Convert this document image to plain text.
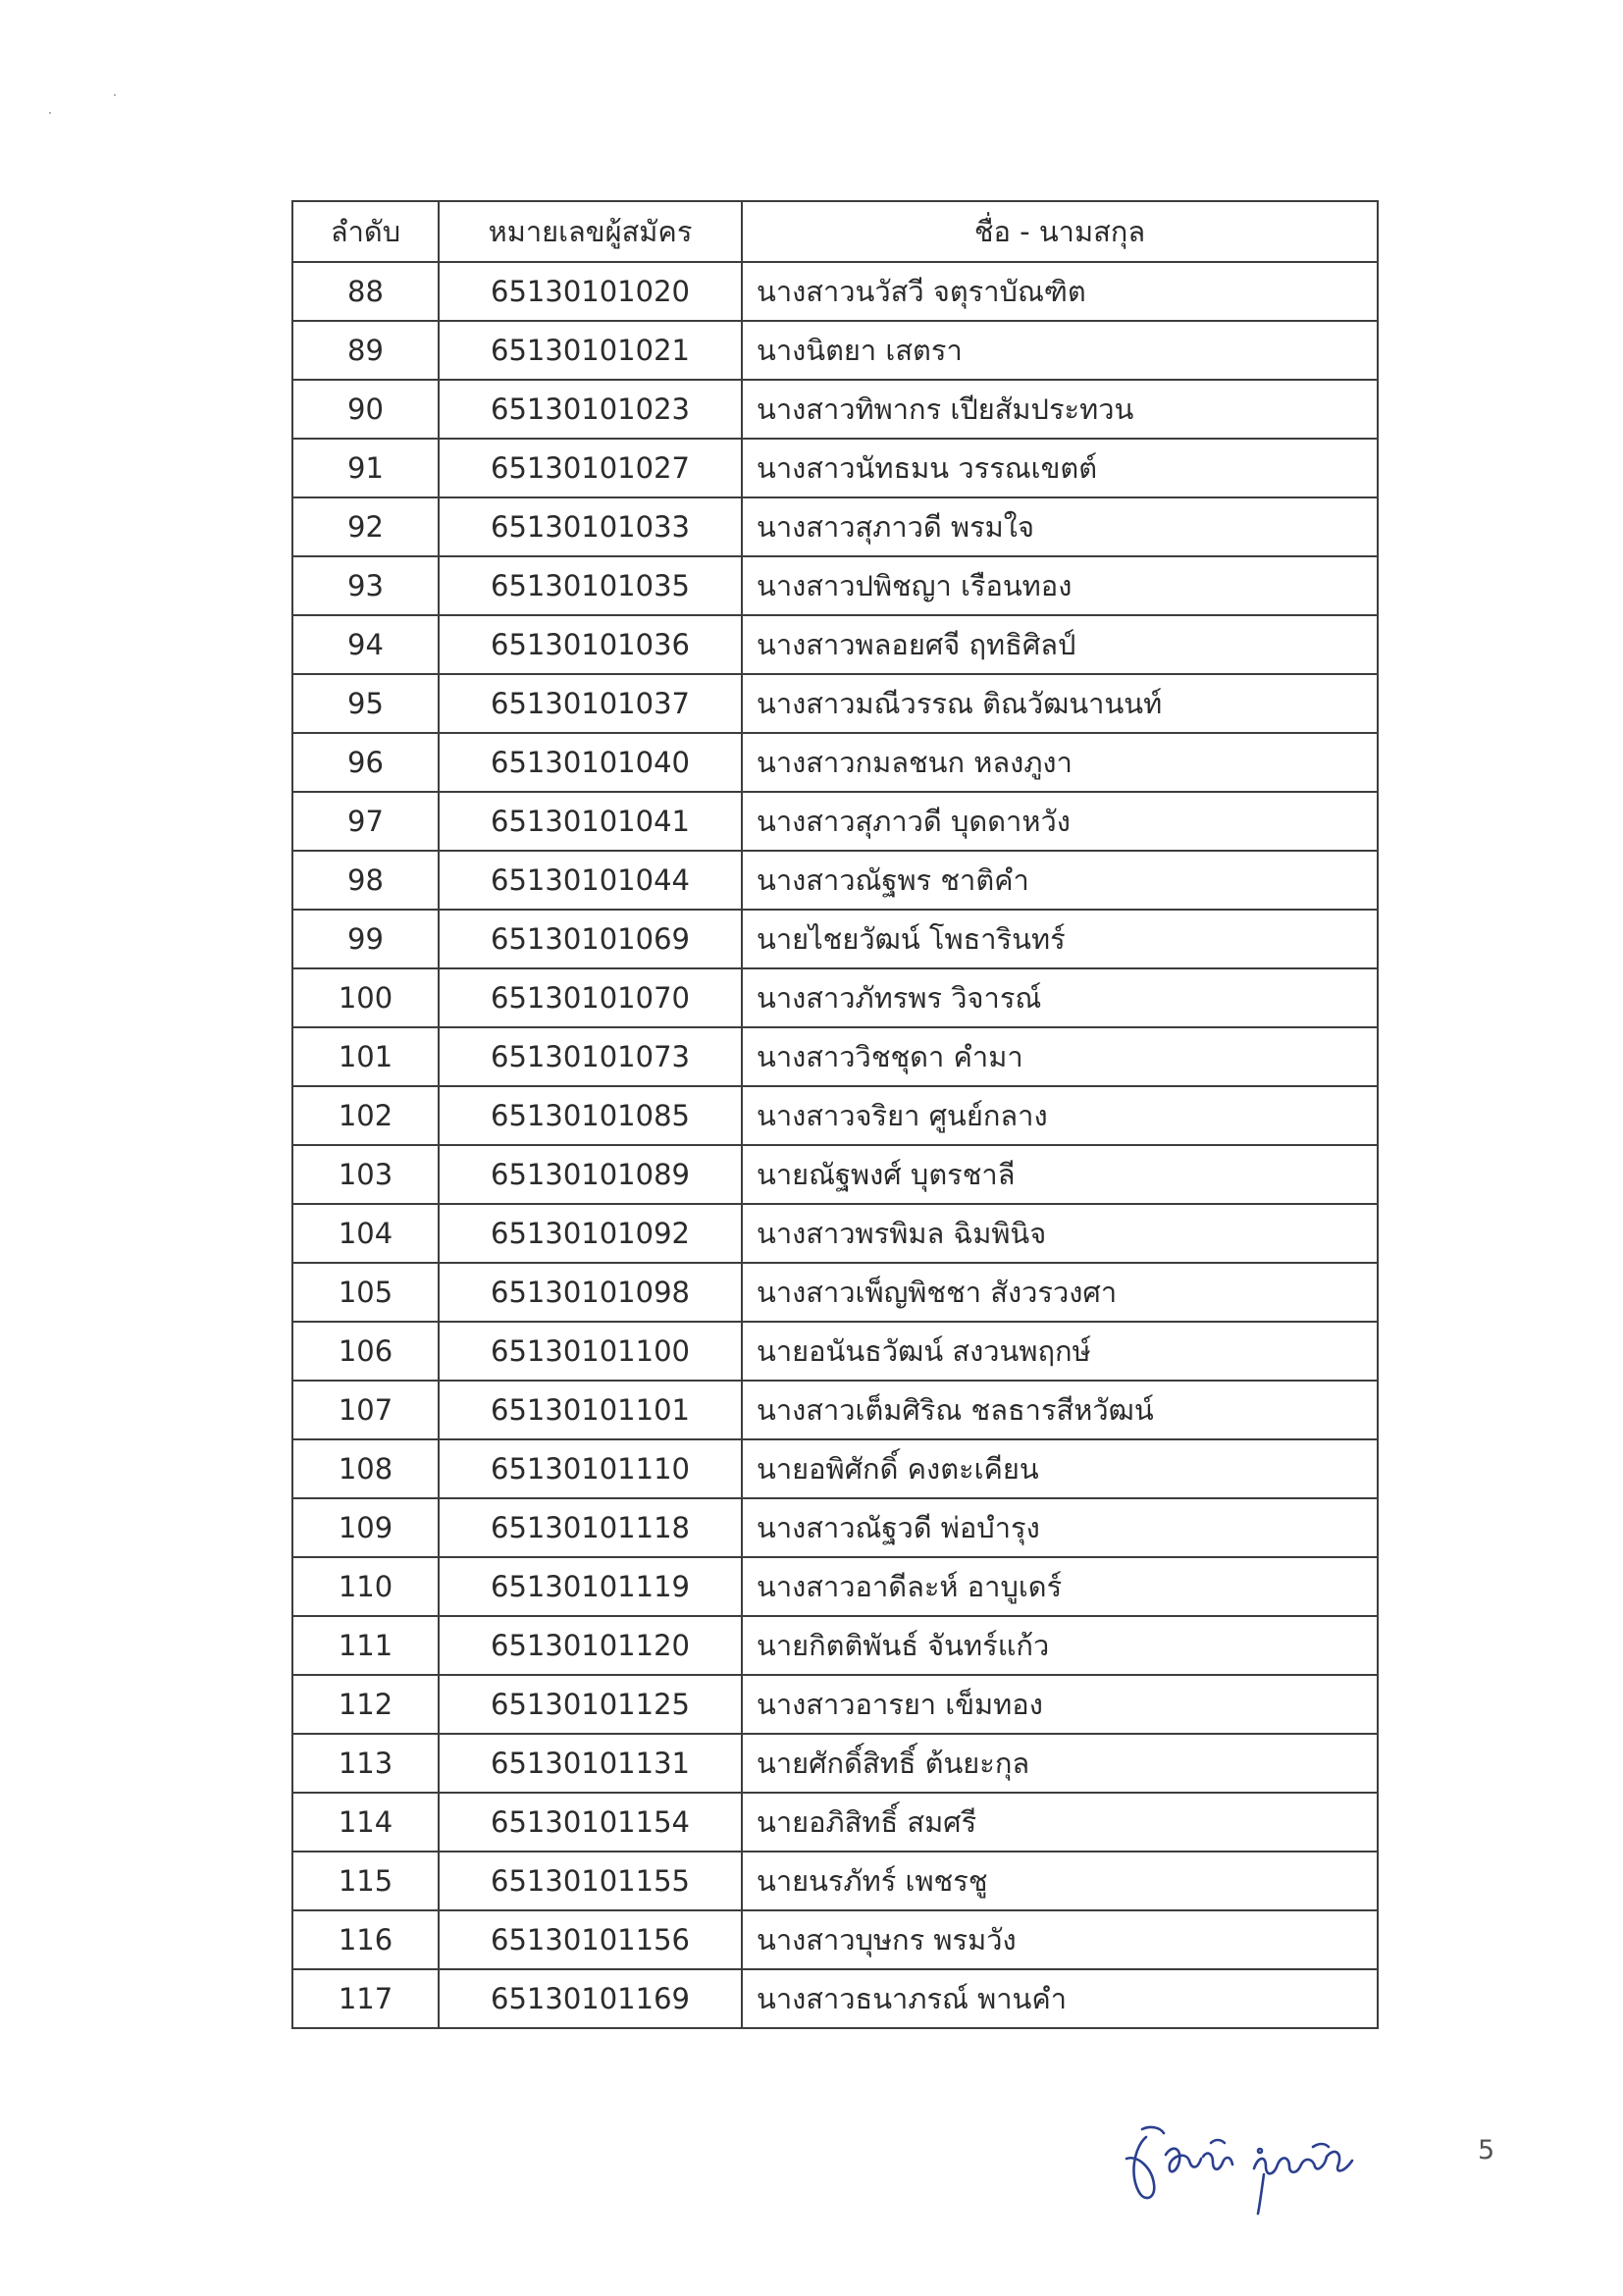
ลำดับ	หมายเลขผู้สมัคร	ชื่อ - นามสกุล
88	65130101020	นางสาวนวัสวี จตุราบัณฑิต
89	65130101021	นางนิตยา เสตรา
90	65130101023	นางสาวทิพากร เปียสัมประทวน
91	65130101027	นางสาวนัทธมน วรรณเขตต์
92	65130101033	นางสาวสุภาวดี พรมใจ
93	65130101035	นางสาวปพิชญา เรือนทอง
94	65130101036	นางสาวพลอยศจี ฤทธิศิลป์
95	65130101037	นางสาวมณีวรรณ ติณวัฒนานนท์
96	65130101040	นางสาวกมลชนก หลงภูงา
97	65130101041	นางสาวสุภาวดี บุดดาหวัง
98	65130101044	นางสาวณัฐพร ชาติคำ
99	65130101069	นายไชยวัฒน์ โพธารินทร์
100	65130101070	นางสาวภัทรพร วิจารณ์
101	65130101073	นางสาววิชชุดา คำมา
102	65130101085	นางสาวจริยา ศูนย์กลาง
103	65130101089	นายณัฐพงศ์ บุตรชาลี
104	65130101092	นางสาวพรพิมล ฉิมพินิจ
105	65130101098	นางสาวเพ็ญพิชชา สังวรวงศา
106	65130101100	นายอนันธวัฒน์ สงวนพฤกษ์
107	65130101101	นางสาวเต็มศิริณ ชลธารสีหวัฒน์
108	65130101110	นายอพิศักดิ์ คงตะเคียน
109	65130101118	นางสาวณัฐวดี พ่อบำรุง
110	65130101119	นางสาวอาดีละห์ อาบูเดร์
111	65130101120	นายกิตติพันธ์ จันทร์แก้ว
112	65130101125	นางสาวอารยา เข็มทอง
113	65130101131	นายศักดิ์สิทธิ์ ต้นยะกุล
114	65130101154	นายอภิสิทธิ์ สมศรี
115	65130101155	นายนรภัทร์ เพชรชู
116	65130101156	นางสาวบุษกร พรมวัง
117	65130101169	นางสาวธนาภรณ์ พานคำ
5
